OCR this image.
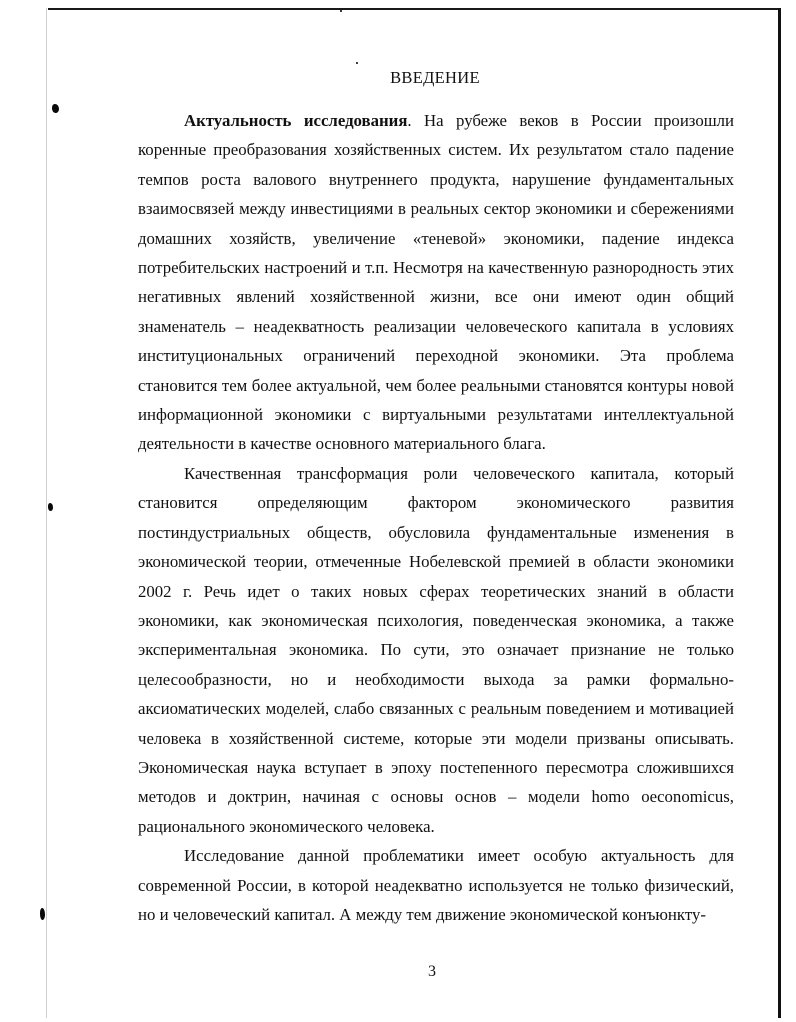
ВВЕДЕНИЕ

Актуальность исследования. На рубеже веков в России произошли коренные преобразования хозяйственных систем. Их результатом стало падение темпов роста валового внутреннего продукта, нарушение фундаментальных взаимосвязей между инвестициями в реальных сектор экономики и сбережениями домашних хозяйств, увеличение «теневой» экономики, падение индекса потребительских настроений и т.п. Несмотря на качественную разнородность этих негативных явлений хозяйственной жизни, все они имеют один общий знаменатель – неадекватность реализации человеческого капитала в условиях институциональных ограничений переходной экономики. Эта проблема становится тем более актуальной, чем более реальными становятся контуры новой информационной экономики с виртуальными результатами интеллектуальной деятельности в качестве основного материального блага.

Качественная трансформация роли человеческого капитала, который становится определяющим фактором экономического развития постиндустриальных обществ, обусловила фундаментальные изменения в экономической теории, отмеченные Нобелевской премией в области экономики 2002 г. Речь идет о таких новых сферах теоретических знаний в области экономики, как экономическая психология, поведенческая экономика, а также экспериментальная экономика. По сути, это означает признание не только целесообразности, но и необходимости выхода за рамки формально-аксиоматических моделей, слабо связанных с реальным поведением и мотивацией человека в хозяйственной системе, которые эти модели призваны описывать. Экономическая наука вступает в эпоху постепенного пересмотра сложившихся методов и доктрин, начиная с основы основ – модели homo oeconomicus, рационального экономического человека.

Исследование данной проблематики имеет особую актуальность для современной России, в которой неадекватно используется не только физический, но и человеческий капитал. А между тем движение экономической конъюнкту-

3
